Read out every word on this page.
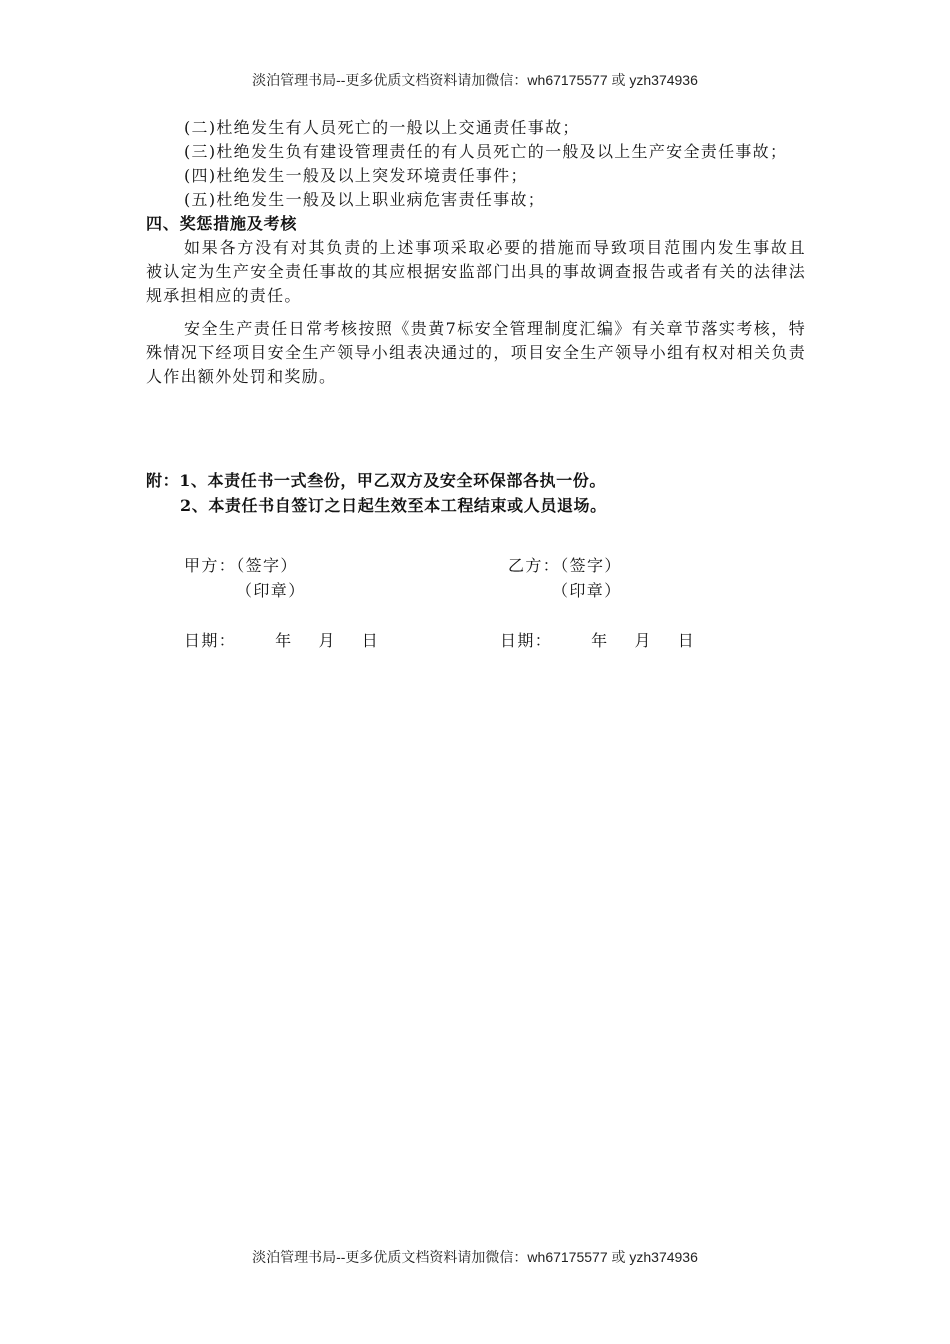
淡泊管理书局--更多优质文档资料请加微信：wh67175577 或 yzh374936

(二)杜绝发生有人员死亡的一般以上交通责任事故；

(三)杜绝发生负有建设管理责任的有人员死亡的一般及以上生产安全责任事故；

(四)杜绝发生一般及以上突发环境责任事件；

(五)杜绝发生一般及以上职业病危害责任事故；

四、奖惩措施及考核

如果各方没有对其负责的上述事项采取必要的措施而导致项目范围内发生事故且被认定为生产安全责任事故的其应根据安监部门出具的事故调查报告或者有关的法律法规承担相应的责任。

安全生产责任日常考核按照《贵黄7标安全管理制度汇编》有关章节落实考核，特殊情况下经项目安全生产领导小组表决通过的，项目安全生产领导小组有权对相关负责人作出额外处罚和奖励。

附：1、本责任书一式叁份，甲乙双方及安全环保部各执一份。
2、本责任书自签订之日起生效至本工程结束或人员退场。
甲方：（签字）
（印章）
乙方：（签字）
（印章）
日期：      年    月    日	日期：      年    月    日
淡泊管理书局--更多优质文档资料请加微信：wh67175577 或 yzh374936
